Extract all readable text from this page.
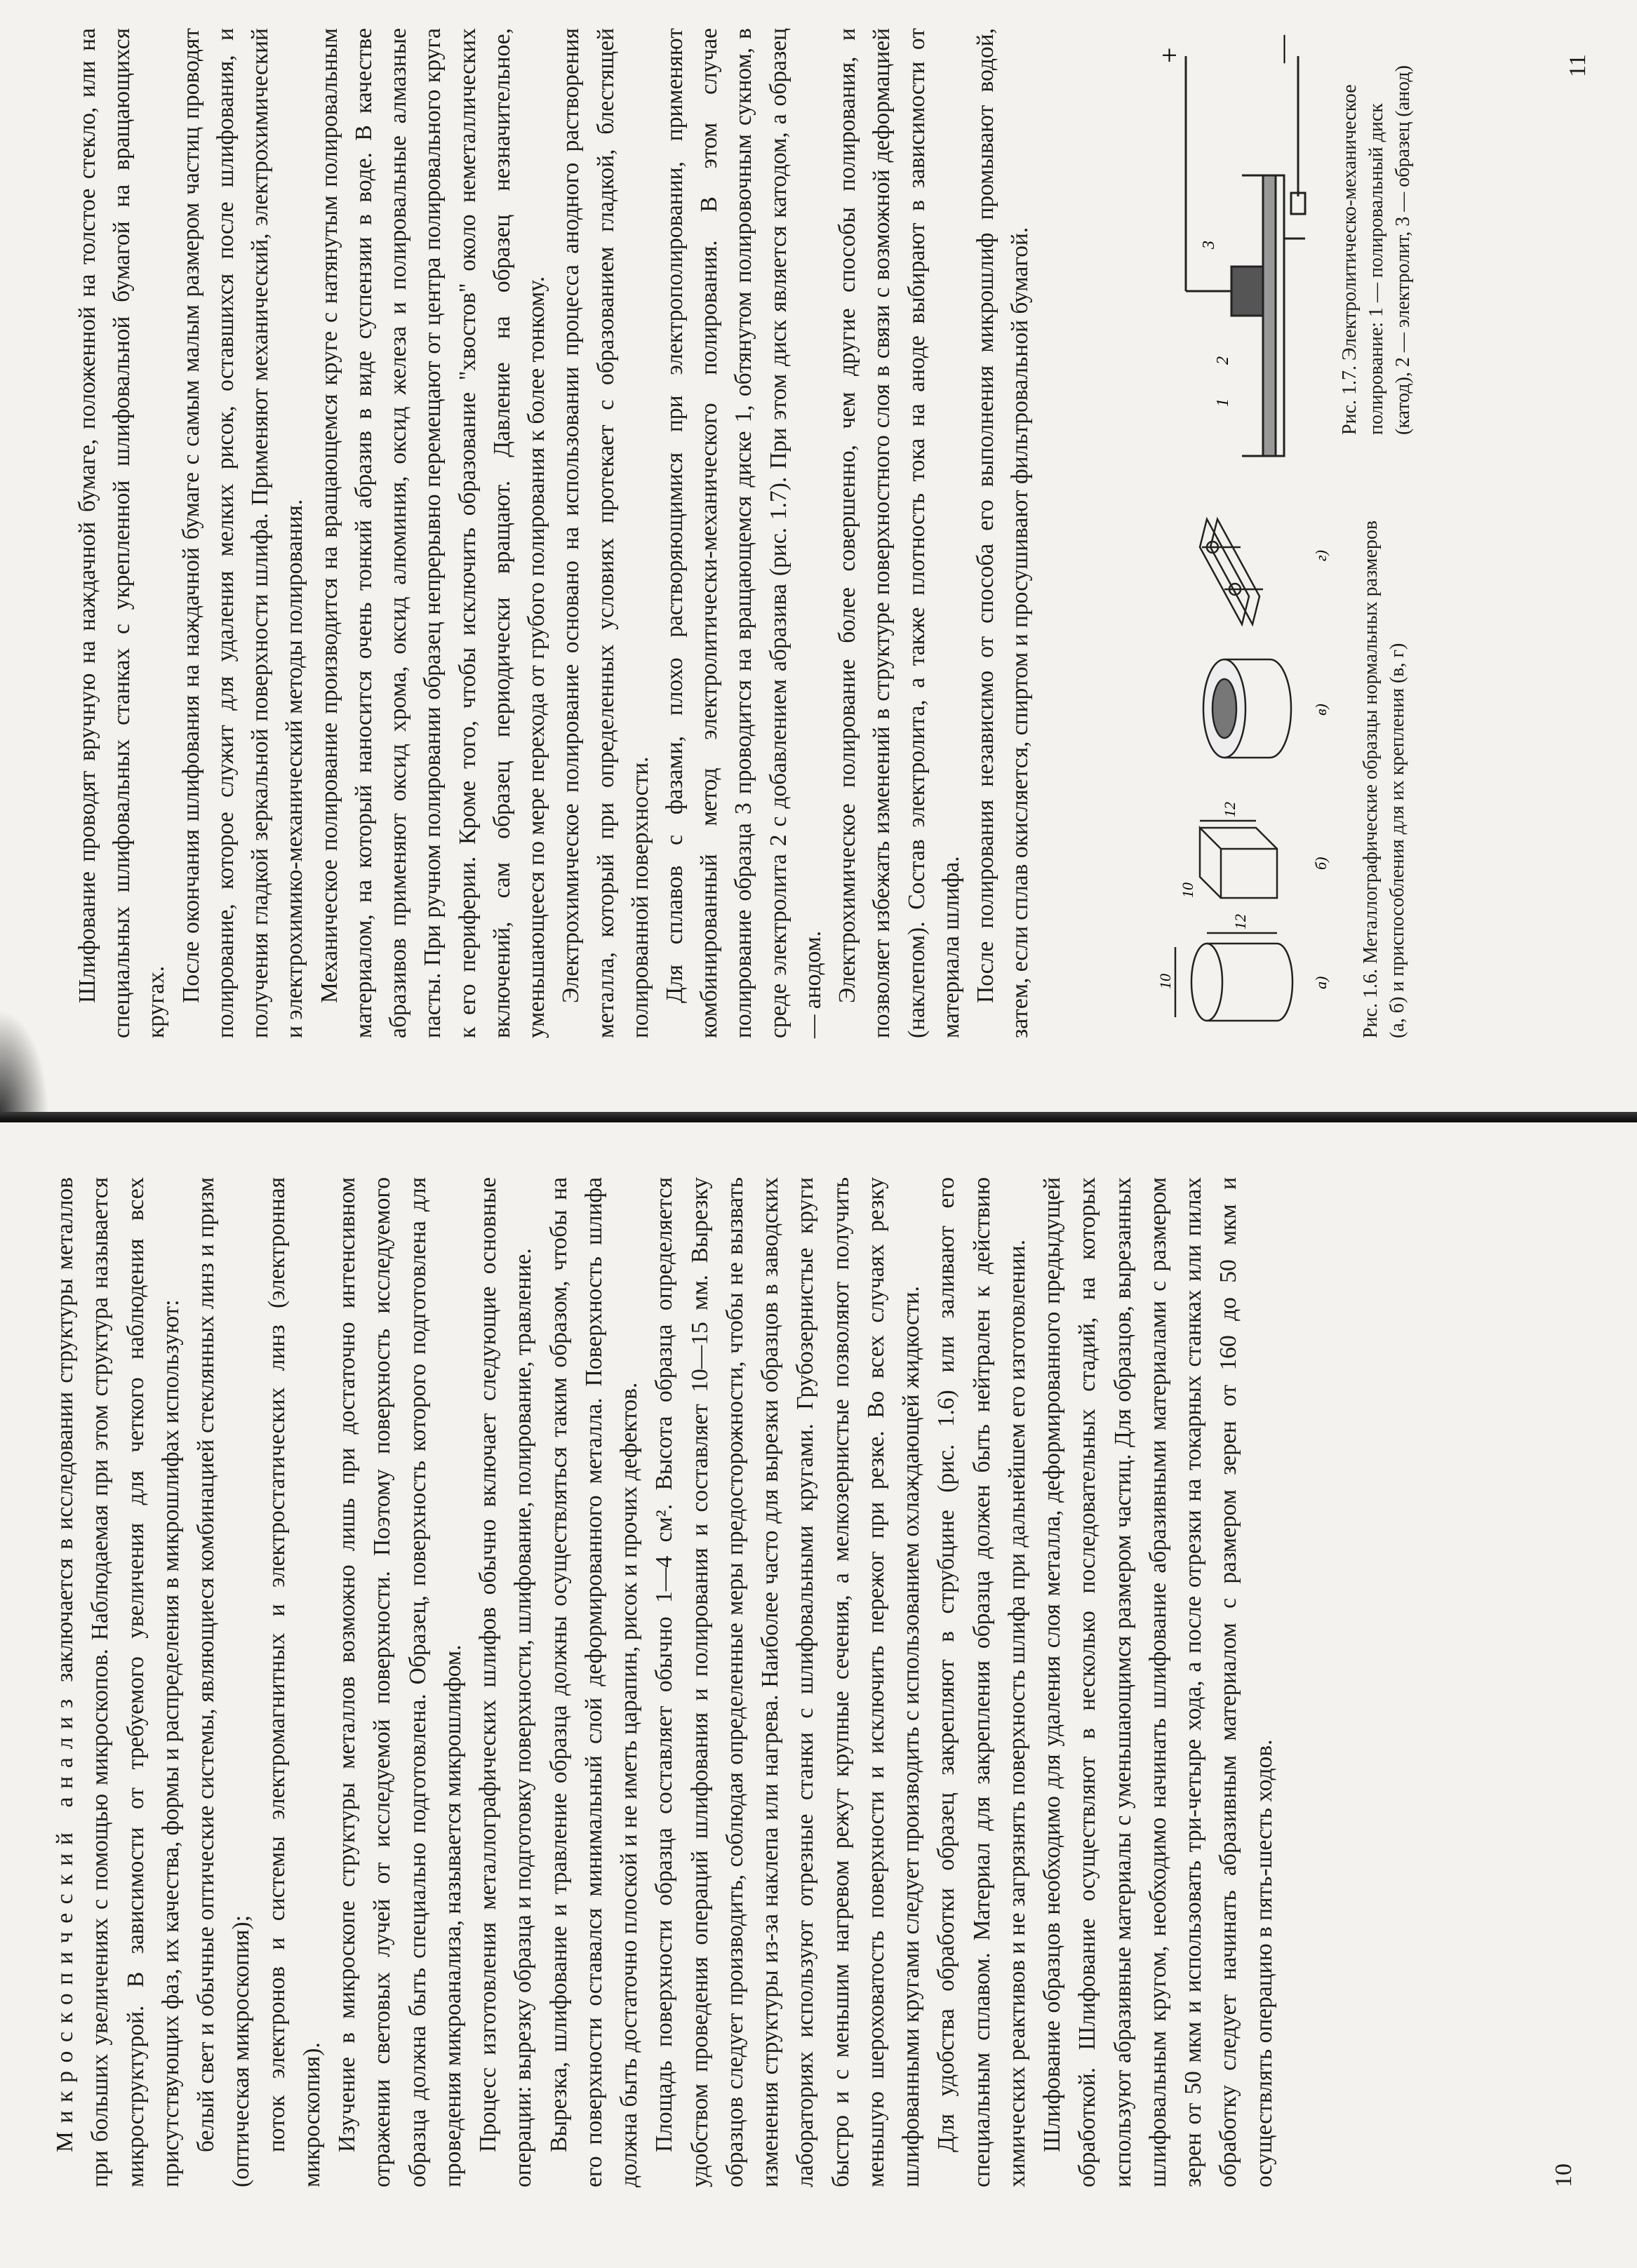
Шлифование проводят вручную на наждачной бумаге, положенной на толстое стекло, или на специальных шлифовальных станках с укрепленной шлифовальной бумагой на вращающихся кругах. После окончания шлифования на наждачной бумаге с самым малым размером частиц проводят полирование, которое служит для удаления мелких рисок, оставшихся после шлифования, и получения гладкой зеркальной поверхности шлифа. Применяют механический, электрохимический и электрохимико-механический методы полирования. Механическое полирование производится на вращающемся круге с натянутым полировальным материалом, на который наносится очень тонкий абразив в виде суспензии в воде. В качестве абразивов применяют оксид хрома, оксид алюминия, оксид железа и полировальные алмазные пасты. При ручном полировании образец непрерывно перемещают от центра полировального круга к его периферии. Кроме того, чтобы исключить образование "хвостов" около неметаллических включений, сам образец периодически вращают. Давление на образец незначительное, уменьшающееся по мере перехода от грубого полирования к более тонкому. Электрохимическое полирование основано на использовании процесса анодного растворения металла, который при определенных условиях протекает с образованием гладкой, блестящей полированной поверхности. Для сплавов с фазами, плохо растворяющимися при электрополировании, применяют комбинированный метод электролитически-механического полирования. В этом случае полирование образца 3 проводится на вращающемся диске 1, обтянутом полировочным сукном, в среде электролита 2 с добавлением абразива (рис. 1.7). При этом диск является катодом, а образец — анодом. Электрохимическое полирование более совершенно, чем другие способы полирования, и позволяет избежать изменений в структуре поверхностного слоя в связи с возможной деформацией (наклепом). Состав электролита, а также плотность тока на аноде выбирают в зависимости от материала шлифа. После полирования независимо от способа его выполнения микрошлиф промывают водой, затем, если сплав окисляется, спиртом и просушивают фильтровальной бумагой.	10
12
а)
10
12
б)
в)
г) Рис. 1.6. Металлографические образцы нормальных размеров (а, б) и приспособления для их крепления (в, г)
1
2
3
+	—
Рис. 1.7. Электролитическо-механическое полирование: 1 — полировальный диск (катод), 2 — электролит, 3 — образец (анод)	11

Микроскопический анализ заключается в исследовании структуры металлов при больших увеличениях с помощью микроскопов. Наблюдаемая при этом структура называется микроструктурой. В зависимости от требуемого увеличения для четкого наблюдения всех присутствующих фаз, их качества, формы и распределения в микрошлифах используют: белый свет и обычные оптические системы, являющиеся комбинацией стеклянных линз и призм (оптическая микроскопия); поток электронов и системы электромагнитных и электростатических линз (электронная микроскопия). Изучение в микроскопе структуры металлов возможно лишь при достаточно интенсивном отражении световых лучей от исследуемой поверхности. Поэтому поверхность исследуемого образца должна быть специально подготовлена. Образец, поверхность которого подготовлена для проведения микроанализа, называется микрошлифом. Процесс изготовления металлографических шлифов обычно включает следующие основные операции: вырезку образца и подготовку поверхности, шлифование, полирование, травление. Вырезка, шлифование и травление образца должны осуществляться таким образом, чтобы на его поверхности оставался минимальный слой деформированного металла. Поверхность шлифа должна быть достаточно плоской и не иметь царапин, рисок и прочих дефектов. Площадь поверхности образца составляет обычно 1—4 см². Высота образца определяется удобством проведения операций шлифования и полирования и составляет 10—15 мм. Вырезку образцов следует производить, соблюдая определенные меры предосторожности, чтобы не вызвать изменения структуры из-за наклепа или нагрева. Наиболее часто для вырезки образцов в заводских лабораториях используют отрезные станки с шлифовальными кругами. Грубозернистые круги быстро и с меньшим нагревом режут крупные сечения, а мелкозернистые позволяют получить меньшую шероховатость поверхности и исключить пережог при резке. Во всех случаях резку шлифованными кругами следует производить с использованием охлаждающей жидкости. Для удобства обработки образец закрепляют в струбцине (рис. 1.6) или заливают его специальным сплавом. Материал для закрепления образца должен быть нейтрален к действию химических реактивов и не загрязнять поверхность шлифа при дальнейшем его изготовлении. Шлифование образцов необходимо для удаления слоя металла, деформированного предыдущей обработкой. Шлифование осуществляют в несколько последовательных стадий, на которых используют абразивные материалы с уменьшающимся размером частиц. Для образцов, вырезанных шлифовальным кругом, необходимо начинать шлифование абразивными материалами с размером зерен от 50 мкм и использовать три-четыре хода, а после отрезки на токарных станках или пилах обработку следует начинать абразивным материалом с размером зерен от 160 до 50 мкм и осуществлять операцию в пять-шесть ходов.	10
